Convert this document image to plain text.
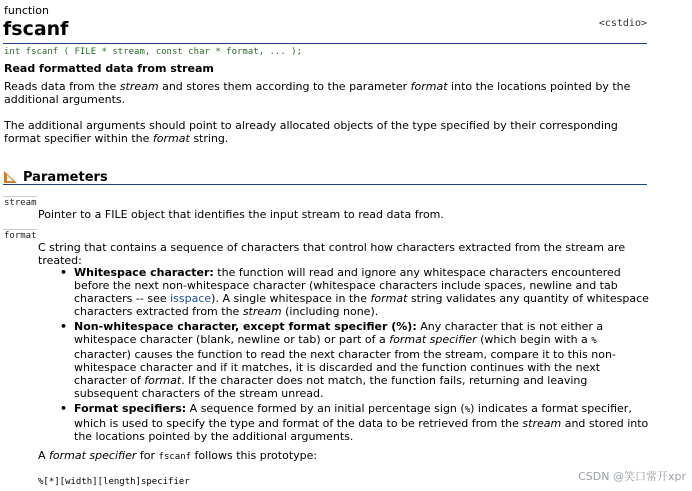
function
fscanf	<cstdio>
int fscanf ( FILE * stream, const char * format, ... );
Read formatted data from stream
Reads data from the stream and stores them according to the parameter format into the locations pointed by the additional arguments.
The additional arguments should point to already allocated objects of the type specified by their corresponding format specifier within the format string.
Parameters
stream
Pointer to a FILE object that identifies the input stream to read data from.
format
C string that contains a sequence of characters that control how characters extracted from the stream are treated:
• Whitespace character: the function will read and ignore any whitespace characters encountered before the next non-whitespace character (whitespace characters include spaces, newline and tab characters -- see isspace). A single whitespace in the format string validates any quantity of whitespace characters extracted from the stream (including none).
• Non-whitespace character, except format specifier (%): Any character that is not either a whitespace character (blank, newline or tab) or part of a format specifier (which begin with a % character) causes the function to read the next character from the stream, compare it to this non-whitespace character and if it matches, it is discarded and the function continues with the next character of format. If the character does not match, the function fails, returning and leaving subsequent characters of the stream unread.
• Format specifiers: A sequence formed by an initial percentage sign (%) indicates a format specifier, which is used to specify the type and format of the data to be retrieved from the stream and stored into the locations pointed by the additional arguments.
A format specifier for fscanf follows this prototype:
%[*][width][length]specifier	CSDN @笑口常开xpr
